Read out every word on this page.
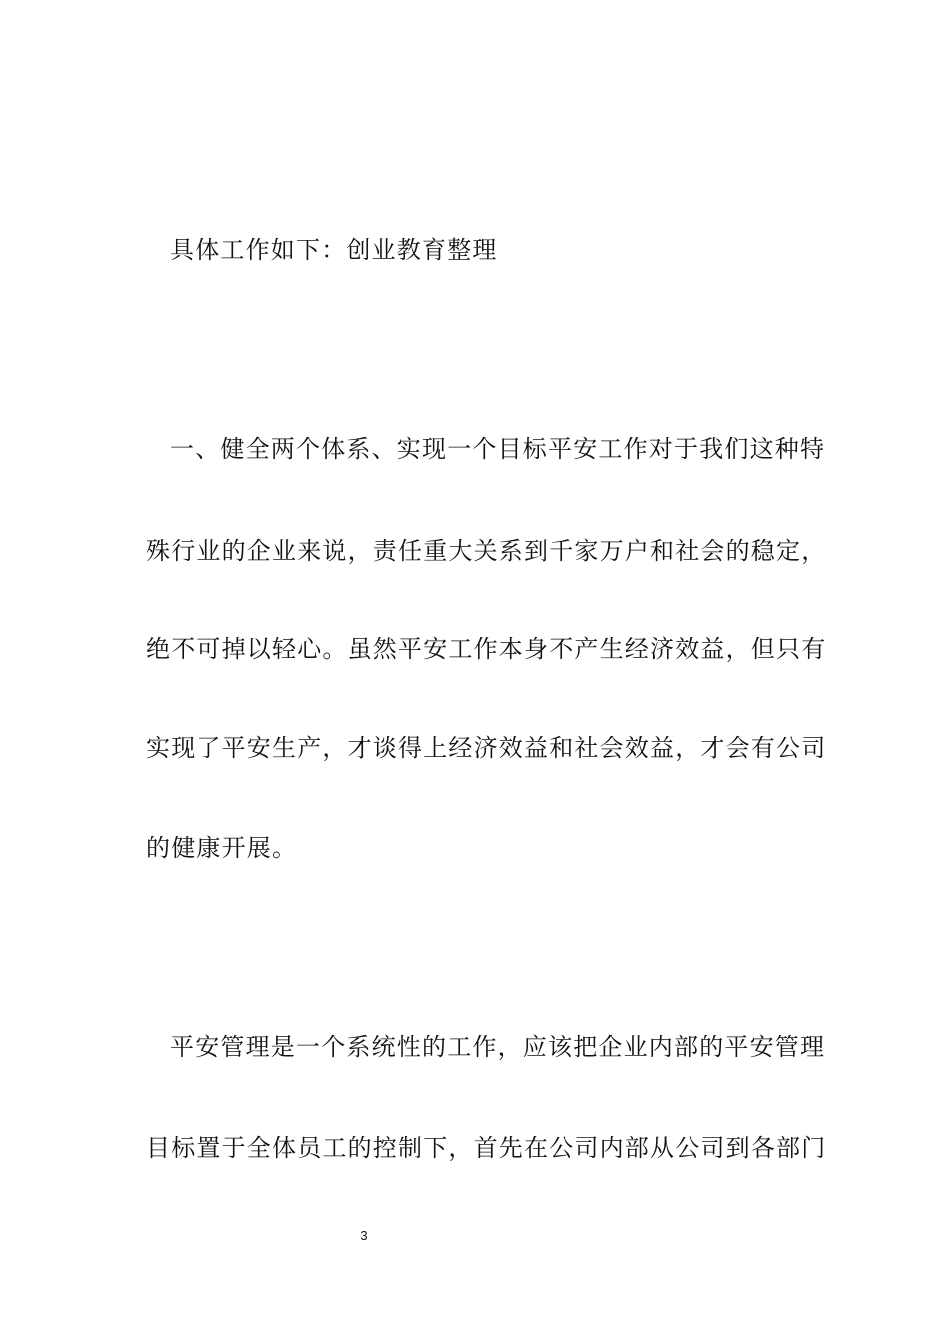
具体工作如下：创业教育整理
一、健全两个体系、实现一个目标平安工作对于我们这种特
殊行业的企业来说，责任重大关系到千家万户和社会的稳定，
绝不可掉以轻心。虽然平安工作本身不产生经济效益，但只有
实现了平安生产，才谈得上经济效益和社会效益，才会有公司
的健康开展。
平安管理是一个系统性的工作，应该把企业内部的平安管理
目标置于全体员工的控制下，首先在公司内部从公司到各部门
3
